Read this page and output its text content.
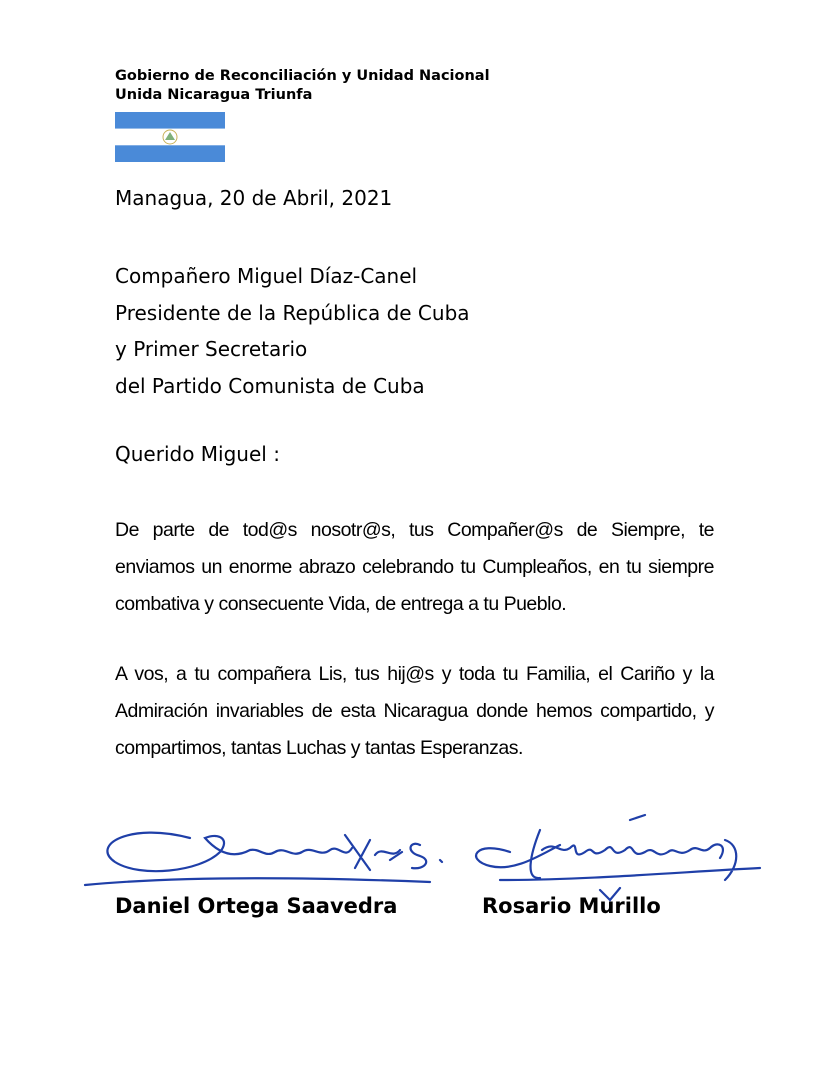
Gobierno de Reconciliación y Unidad Nacional
Unida Nicaragua Triunfa
Managua, 20 de Abril, 2021
Compañero Miguel Díaz-Canel
Presidente de la República de Cuba
y Primer Secretario
del Partido Comunista de Cuba
Querido Miguel :
De parte de tod@s nosotr@s, tus Compañer@s de Siempre, te enviamos un enorme abrazo celebrando tu Cumpleaños, en tu siempre combativa y consecuente Vida, de entrega a tu Pueblo.
A vos, a tu compañera Lis, tus hij@s y toda tu Familia, el Cariño y la Admiración invariables de esta Nicaragua donde hemos compartido, y compartimos, tantas Luchas y tantas Esperanzas.
Daniel Ortega Saavedra	Rosario Murillo
